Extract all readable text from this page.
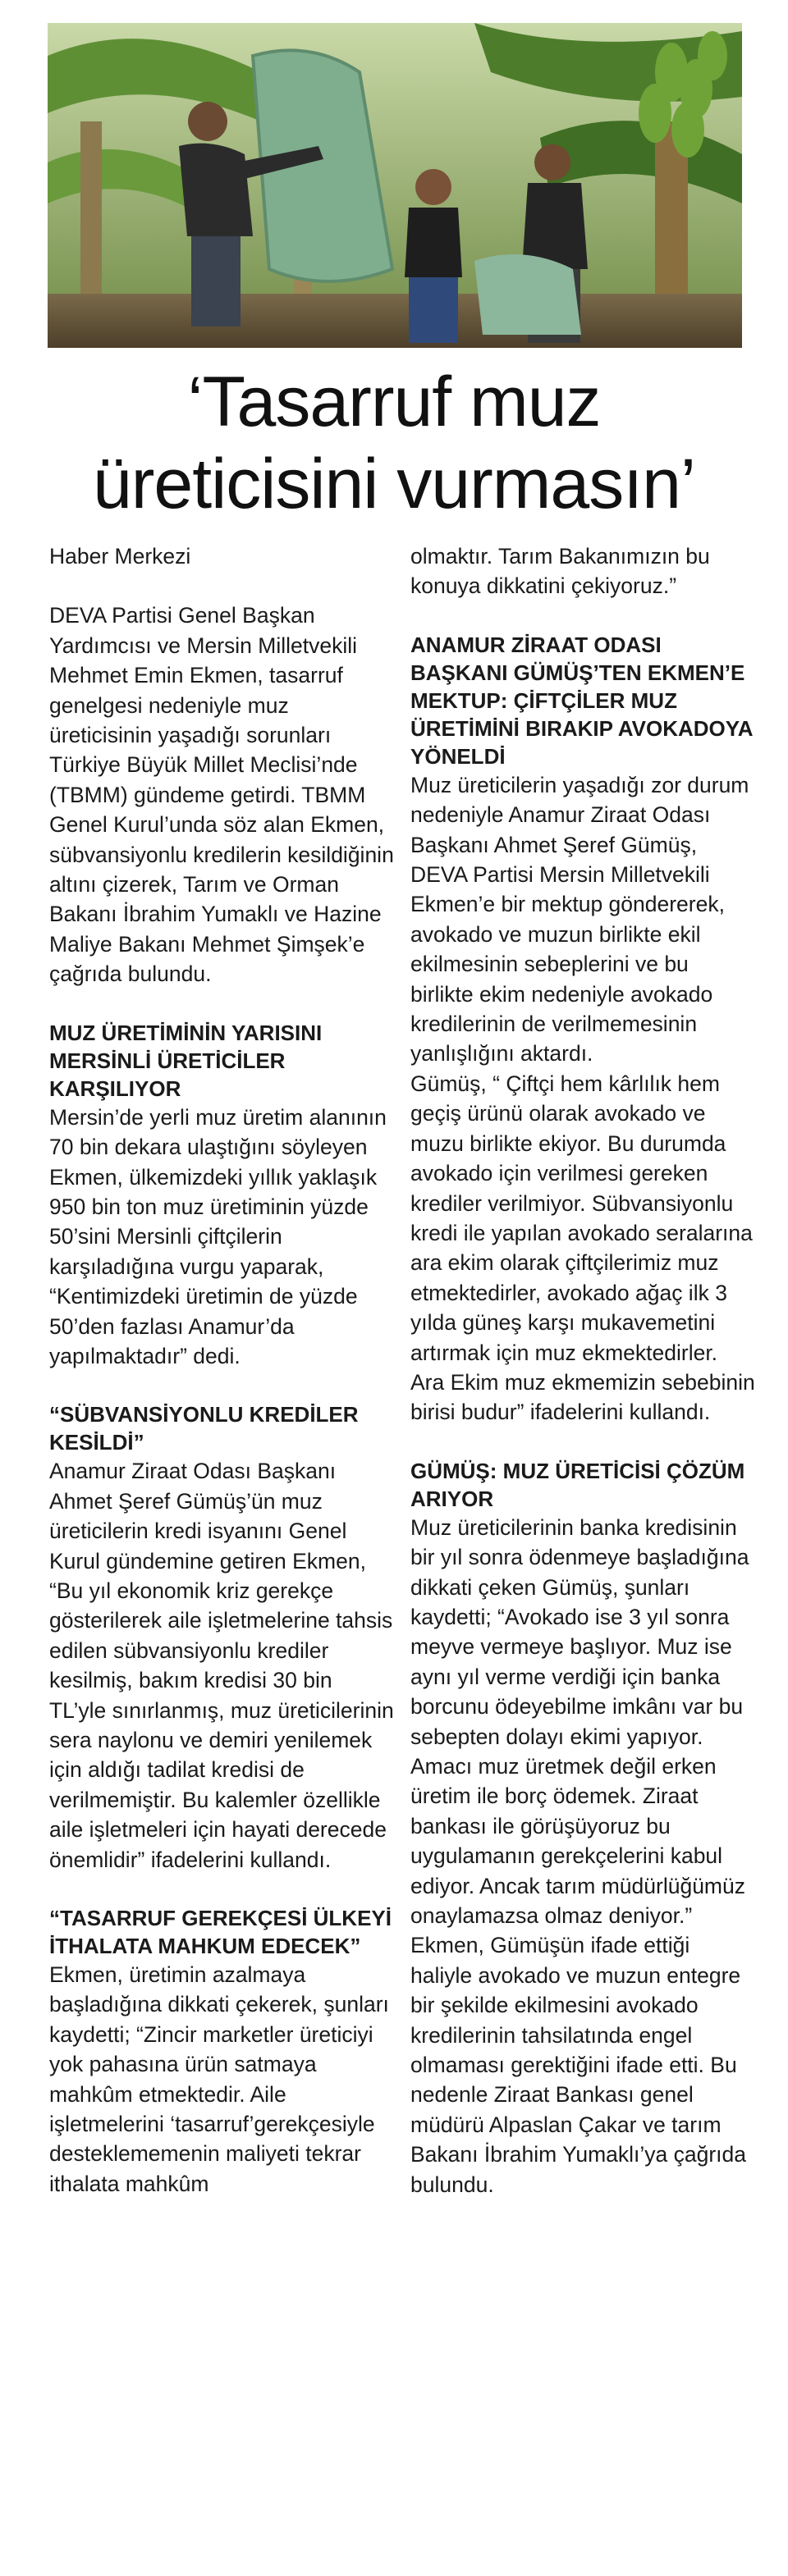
‘Tasarruf muz
üreticisini vurmasın’

Haber Merkezi

DEVA Partisi Genel Başkan Yardımcısı ve Mersin Milletvekili Mehmet Emin Ekmen, tasarruf genelgesi nedeniyle muz üreticisinin yaşadığı sorunları Türkiye Büyük Millet Meclisi’nde (TBMM) gündeme getirdi. TBMM Genel Kurul’unda söz alan Ekmen, sübvansiyonlu kredilerin kesildiğinin altını çizerek, Tarım ve Orman Bakanı İbrahim Yumaklı ve Hazine Maliye Bakanı Mehmet Şimşek’e çağrıda bulundu.

MUZ ÜRETİMİNİN YARISINI MERSİNLİ ÜRETİCİLER KARŞILIYOR

Mersin’de yerli muz üretim alanının 70 bin dekara ulaştığını söyleyen Ekmen, ülkemizdeki yıllık yaklaşık 950 bin ton muz üretiminin yüzde 50’sini Mersinli çiftçilerin karşıladığına vurgu yaparak, “Kentimizdeki üretimin de yüzde 50’den fazlası Anamur’da yapılmaktadır” dedi.

“SÜBVANSİYONLU KREDİLER KESİLDİ”

Anamur Ziraat Odası Başkanı Ahmet Şeref Gümüş’ün muz üreticilerin kredi isyanını Genel Kurul gündemine getiren Ekmen, “Bu yıl ekonomik kriz gerekçe gösterilerek aile işletmelerine tahsis edilen sübvansiyonlu krediler kesilmiş, bakım kredisi 30 bin TL’yle sınırlanmış, muz üreticilerinin sera naylonu ve demiri yenilemek için aldığı tadilat kredisi de verilmemiştir. Bu kalemler özellikle aile işletmeleri için hayati derecede önemlidir” ifadelerini kullandı.

“TASARRUF GEREKÇESİ ÜLKEYİ İTHALATA MAHKUM EDECEK”

Ekmen, üretimin azalmaya başladığına dikkati çekerek, şunları kaydetti; “Zincir marketler üreticiyi yok pahasına ürün satmaya mahkûm etmektedir. Aile işletmelerini ‘tasarruf’gerekçesiyle desteklememenin maliyeti tekrar ithalata mahkûm

olmaktır. Tarım Bakanımızın bu konuya dikkatini çekiyoruz.”

ANAMUR ZİRAAT ODASI BAŞKANI GÜMÜŞ’TEN EKMEN’E MEKTUP: ÇİFTÇİLER MUZ ÜRETİMİNİ BIRAKIP AVOKADOYA YÖNELDİ

Muz üreticilerin yaşadığı zor durum nedeniyle Anamur Ziraat Odası Başkanı Ahmet Şeref Gümüş, DEVA Partisi Mersin Milletvekili Ekmen’e bir mektup göndererek, avokado ve muzun birlikte ekil ekilmesinin sebeplerini ve bu birlikte ekim nedeniyle avokado kredilerinin de verilmemesinin yanlışlığını aktardı.

Gümüş, “ Çiftçi hem kârlılık hem geçiş ürünü olarak avokado ve muzu birlikte ekiyor. Bu durumda avokado için verilmesi gereken krediler verilmiyor. Sübvansiyonlu kredi ile yapılan avokado seralarına ara ekim olarak çiftçilerimiz muz etmektedirler, avokado ağaç ilk 3 yılda güneş karşı mukavemetini artırmak için muz ekmektedirler. Ara Ekim muz ekmemizin sebebinin birisi budur” ifadelerini kullandı.

GÜMÜŞ: MUZ ÜRETİCİSİ ÇÖZÜM ARIYOR

Muz üreticilerinin banka kredisinin bir yıl sonra ödenmeye başladığına dikkati çeken Gümüş, şunları kaydetti; “Avokado ise 3 yıl sonra meyve vermeye başlıyor. Muz ise aynı yıl verme verdiği için banka borcunu ödeyebilme imkânı var bu sebepten dolayı ekimi yapıyor. Amacı muz üretmek değil erken üretim ile borç ödemek. Ziraat bankası ile görüşüyoruz bu uygulamanın gerekçelerini kabul ediyor. Ancak tarım müdürlüğümüz onaylamazsa olmaz deniyor.” Ekmen, Gümüşün ifade ettiği haliyle avokado ve muzun entegre bir şekilde ekilmesini avokado kredilerinin tahsilatında engel olmaması gerektiğini ifade etti. Bu nedenle Ziraat Bankası genel müdürü Alpaslan Çakar ve tarım Bakanı İbrahim Yumaklı’ya çağrıda bulundu.
